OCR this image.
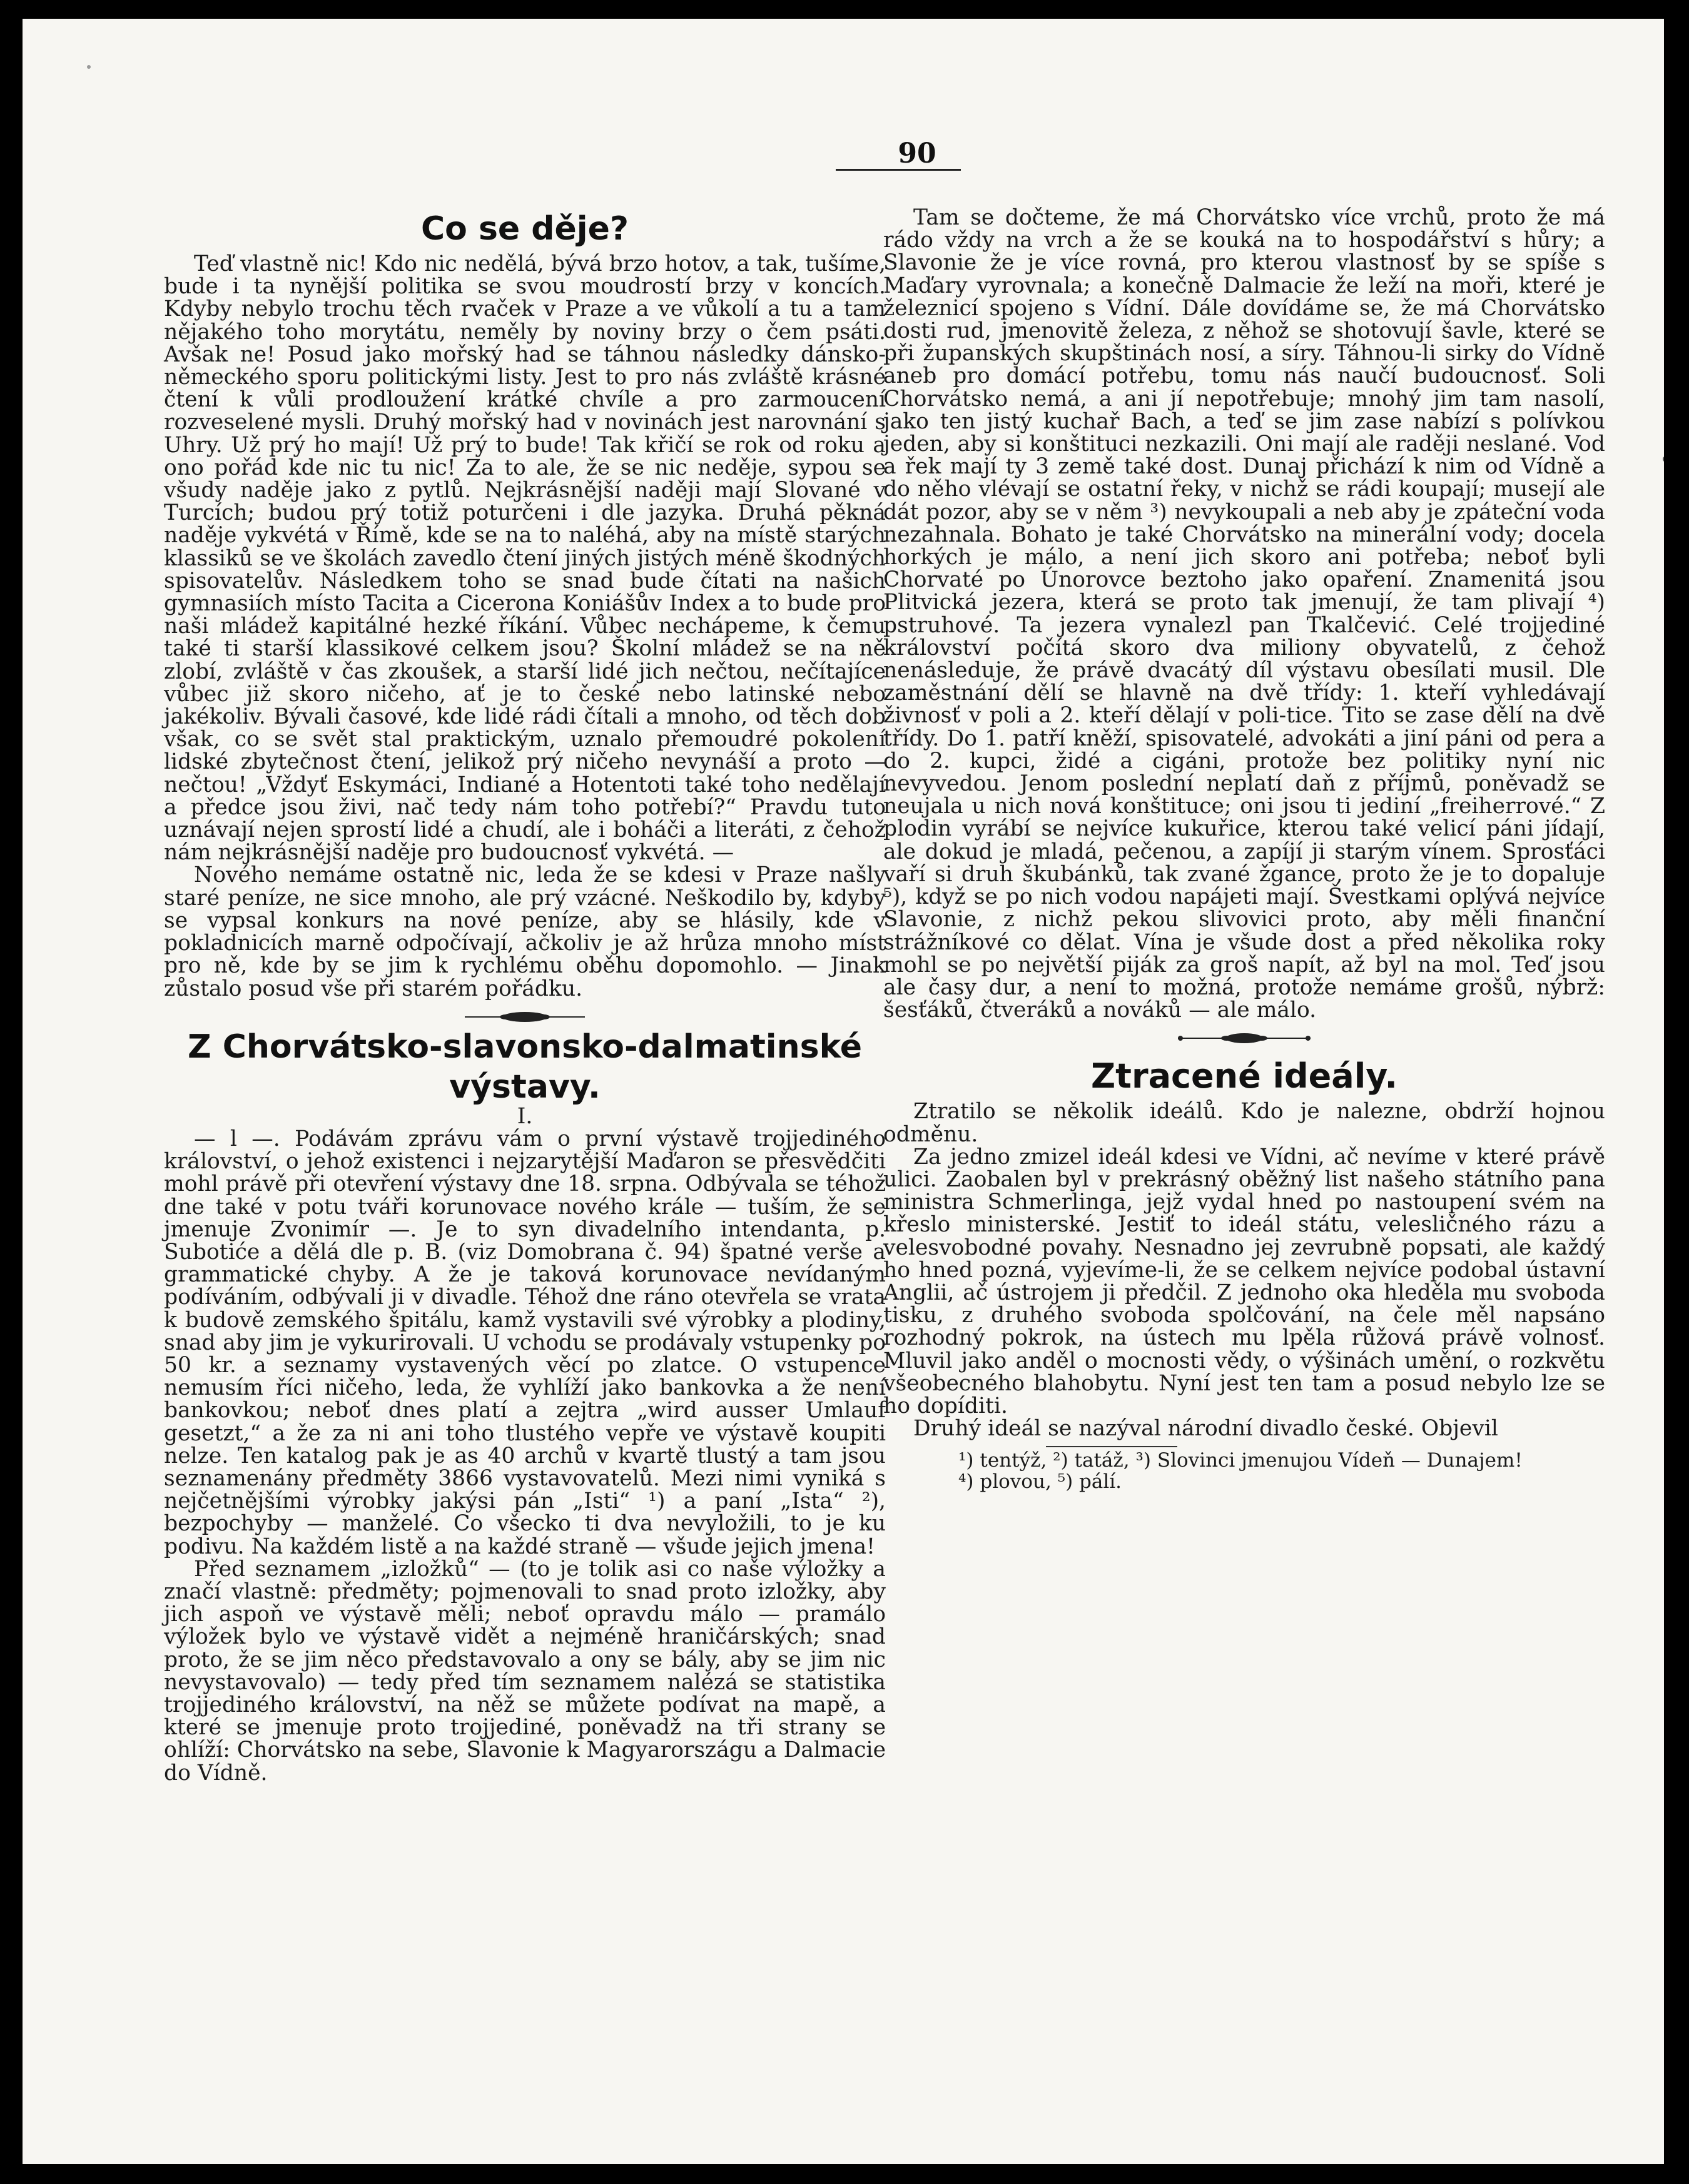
90
Co se děje?

Teď vlastně nic! Kdo nic nedělá, bývá brzo hotov, a tak, tušíme, bude i ta nynější politika se svou moudrostí brzy v koncích. Kdyby nebylo trochu těch rvaček v Praze a ve vůkolí a tu a tam nějakého toho morytátu, neměly by noviny brzy o čem psáti. Avšak ne! Posud jako mořský had se táhnou následky dánsko-německého sporu politickými listy. Jest to pro nás zvláště krásné čtení k vůli prodloužení krátké chvíle a pro zarmoucení rozveselené mysli. Druhý mořský had v novinách jest narovnání s Uhry. Už prý ho mají! Už prý to bude! Tak křičí se rok od roku a ono pořád kde nic tu nic! Za to ale, že se nic neděje, sypou se všudy naděje jako z pytlů. Nejkrásnější naději mají Slované v Turcích; budou prý totiž poturčeni i dle jazyka. Druhá pěkná naděje vykvétá v Římě, kde se na to naléhá, aby na místě starých klassiků se ve školách zavedlo čtení jiných jistých méně škodných spisovatelův. Následkem toho se snad bude čítati na našich gymnasiích místo Tacita a Cicerona Koniášův Index a to bude pro naši mládež kapitálné hezké říkání. Vůbec nechápeme, k čemu také ti starší klassikové celkem jsou? Školní mládež se na ně zlobí, zvláště v čas zkoušek, a starší lidé jich nečtou, nečítajíce vůbec již skoro ničeho, ať je to české nebo latinské nebo jakékoliv. Bývali časové, kde lidé rádi čítali a mnoho, od těch dob však, co se svět stal praktickým, uznalo přemoudré pokolení lidské zbytečnost čtení, jelikož prý ničeho nevynáší a proto — nečtou! „Vždyť Eskymáci, Indiané a Hotentoti také toho nedělají a předce jsou živi, nač tedy nám toho potřebí?“ Pravdu tuto uznávají nejen sprostí lidé a chudí, ale i boháči a literáti, z čehož nám nejkrásnější naděje pro budoucnosť vykvétá. —

Nového nemáme ostatně nic, leda že se kdesi v Praze našly staré peníze, ne sice mnoho, ale prý vzácné. Neškodilo by, kdyby se vypsal konkurs na nové peníze, aby se hlásily, kde v pokladnicích marně odpočívají, ačkoliv je až hrůza mnoho míst pro ně, kde by se jim k rychlému oběhu dopomohlo. — Jinak zůstalo posud vše při starém pořádku.

Z Chorvátsko-slavonsko-dalmatinské
výstavy.

I.

— l —. Podávám zprávu vám o první výstavě trojjediného království, o jehož existenci i nejzarytější Maďaron se přesvědčiti mohl právě při otevření výstavy dne 18. srpna. Odbývala se téhož dne také v potu tváři korunovace nového krále — tuším, že se jmenuje Zvonimír —. Je to syn divadelního intendanta, p. Subotiće a dělá dle p. B. (viz Domobrana č. 94) špatné verše a grammatické chyby. A že je taková korunovace nevídaným podíváním, odbývali ji v divadle. Téhož dne ráno otevřela se vrata k budově zemského špitálu, kamž vystavili své výrobky a plodiny, snad aby jim je vykurirovali. U vchodu se prodávaly vstupenky po 50 kr. a seznamy vystavených věcí po zlatce. O vstupence nemusím říci ničeho, leda, že vyhlíží jako bankovka a že není bankovkou; neboť dnes platí a zejtra „wird ausser Umlauf gesetzt,“ a že za ni ani toho tlustého vepře ve výstavě koupiti nelze. Ten katalog pak je as 40 archů v kvartě tlustý a tam jsou seznamenány předměty 3866 vystavovatelů. Mezi nimi vyniká s nejčetnějšími výrobky jakýsi pán „Isti“ ¹) a paní „Ista“ ²), bezpochyby — manželé. Co všecko ti dva nevyložili, to je ku podivu. Na každém listě a na každé straně — všude jejich jmena!

Před seznamem „izložků“ — (to je tolik asi co naše výložky a značí vlastně: předměty; pojmenovali to snad proto izložky, aby jich aspoň ve výstavě měli; neboť opravdu málo — pramálo výložek bylo ve výstavě vidět a nejméně hraničárských; snad proto, že se jim něco představovalo a ony se bály, aby se jim nic nevystavovalo) — tedy před tím seznamem nalézá se statistika trojjediného království, na něž se můžete podívat na mapě, a které se jmenuje proto trojjediné, poněvadž na tři strany se ohlíží: Chorvátsko na sebe, Slavonie k Magyarországu a Dalmacie do Vídně.

Tam se dočteme, že má Chorvátsko více vrchů, proto že má rádo vždy na vrch a že se kouká na to hospodářství s hůry; a Slavonie že je více rovná, pro kterou vlastnosť by se spíše s Maďary vyrovnala; a konečně Dalmacie že leží na moři, které je železnicí spojeno s Vídní. Dále dovídáme se, že má Chorvátsko dosti rud, jmenovitě železa, z něhož se shotovují šavle, které se při županských skupštinách nosí, a síry. Táhnou-li sirky do Vídně aneb pro domácí potřebu, tomu nás naučí budoucnosť. Soli Chorvátsko nemá, a ani jí nepotřebuje; mnohý jim tam nasolí, jako ten jistý kuchař Bach, a teď se jim zase nabízí s polívkou jeden, aby si konštituci nezkazili. Oni mají ale raději neslané. Vod a řek mají ty 3 země také dost. Dunaj přichází k nim od Vídně a do něho vlévají se ostatní řeky, v nichž se rádi koupají; musejí ale dát pozor, aby se v něm ³) nevykoupali a neb aby je zpáteční voda nezahnala. Bohato je také Chorvátsko na minerální vody; docela horkých je málo, a není jich skoro ani potřeba; neboť byli Chorvaté po Únorovce beztoho jako opaření. Znamenitá jsou Plitvická jezera, která se proto tak jmenují, že tam plivají ⁴) pstruhové. Ta jezera vynalezl pan Tkalčević. Celé trojjediné království počítá skoro dva miliony obyvatelů, z čehož nenásleduje, že právě dvacátý díl výstavu obesílati musil. Dle zaměstnání dělí se hlavně na dvě třídy: 1. kteří vyhledávají živnosť v poli a 2. kteří dělají v poli-tice. Tito se zase dělí na dvě třídy. Do 1. patří kněží, spisovatelé, advokáti a jiní páni od pera a do 2. kupci, židé a cigáni, protože bez politiky nyní nic nevyvedou. Jenom poslední neplatí daň z příjmů, poněvadž se neujala u nich nová konštituce; oni jsou ti jediní „freiherrové.“ Z plodin vyrábí se nejvíce kukuřice, kterou také velicí páni jídají, ale dokud je mladá, pečenou, a zapíjí ji starým vínem. Sprosťáci vaří si druh škubánků, tak zvané žgance, proto že je to dopaluje ⁵), když se po nich vodou napájeti mají. Švestkami oplývá nejvíce Slavonie, z nichž pekou slivovici proto, aby měli finanční strážníkové co dělat. Vína je všude dost a před několika roky mohl se po největší piják za groš napít, až byl na mol. Teď jsou ale časy dur, a není to možná, protože nemáme grošů, nýbrž: šesťáků, čtveráků a nováků — ale málo.

Ztracené ideály.

Ztratilo se několik ideálů. Kdo je nalezne, obdrží hojnou odměnu.

Za jedno zmizel ideál kdesi ve Vídni, ač nevíme v které právě ulici. Zaobalen byl v prekrásný oběžný list našeho státního pana ministra Schmerlinga, jejž vydal hned po nastoupení svém na křeslo ministerské. Jestiť to ideál státu, velesličného rázu a velesvobodné povahy. Nesnadno jej zevrubně popsati, ale každý ho hned pozná, vyjevíme-li, že se celkem nejvíce podobal ústavní Anglii, ač ústrojem ji předčil. Z jednoho oka hleděla mu svoboda tisku, z druhého svoboda spolčování, na čele měl napsáno rozhodný pokrok, na ústech mu lpěla růžová právě volnosť. Mluvil jako anděl o mocnosti vědy, o výšinách umění, o rozkvětu všeobecného blahobytu. Nyní jest ten tam a posud nebylo lze se ho dopíditi.

Druhý ideál se nazýval národní divadlo české. Objevil

¹) tentýž, ²) tatáž, ³) Slovinci jmenujou Vídeň — Dunajem!

⁴) plovou, ⁵) pálí.
